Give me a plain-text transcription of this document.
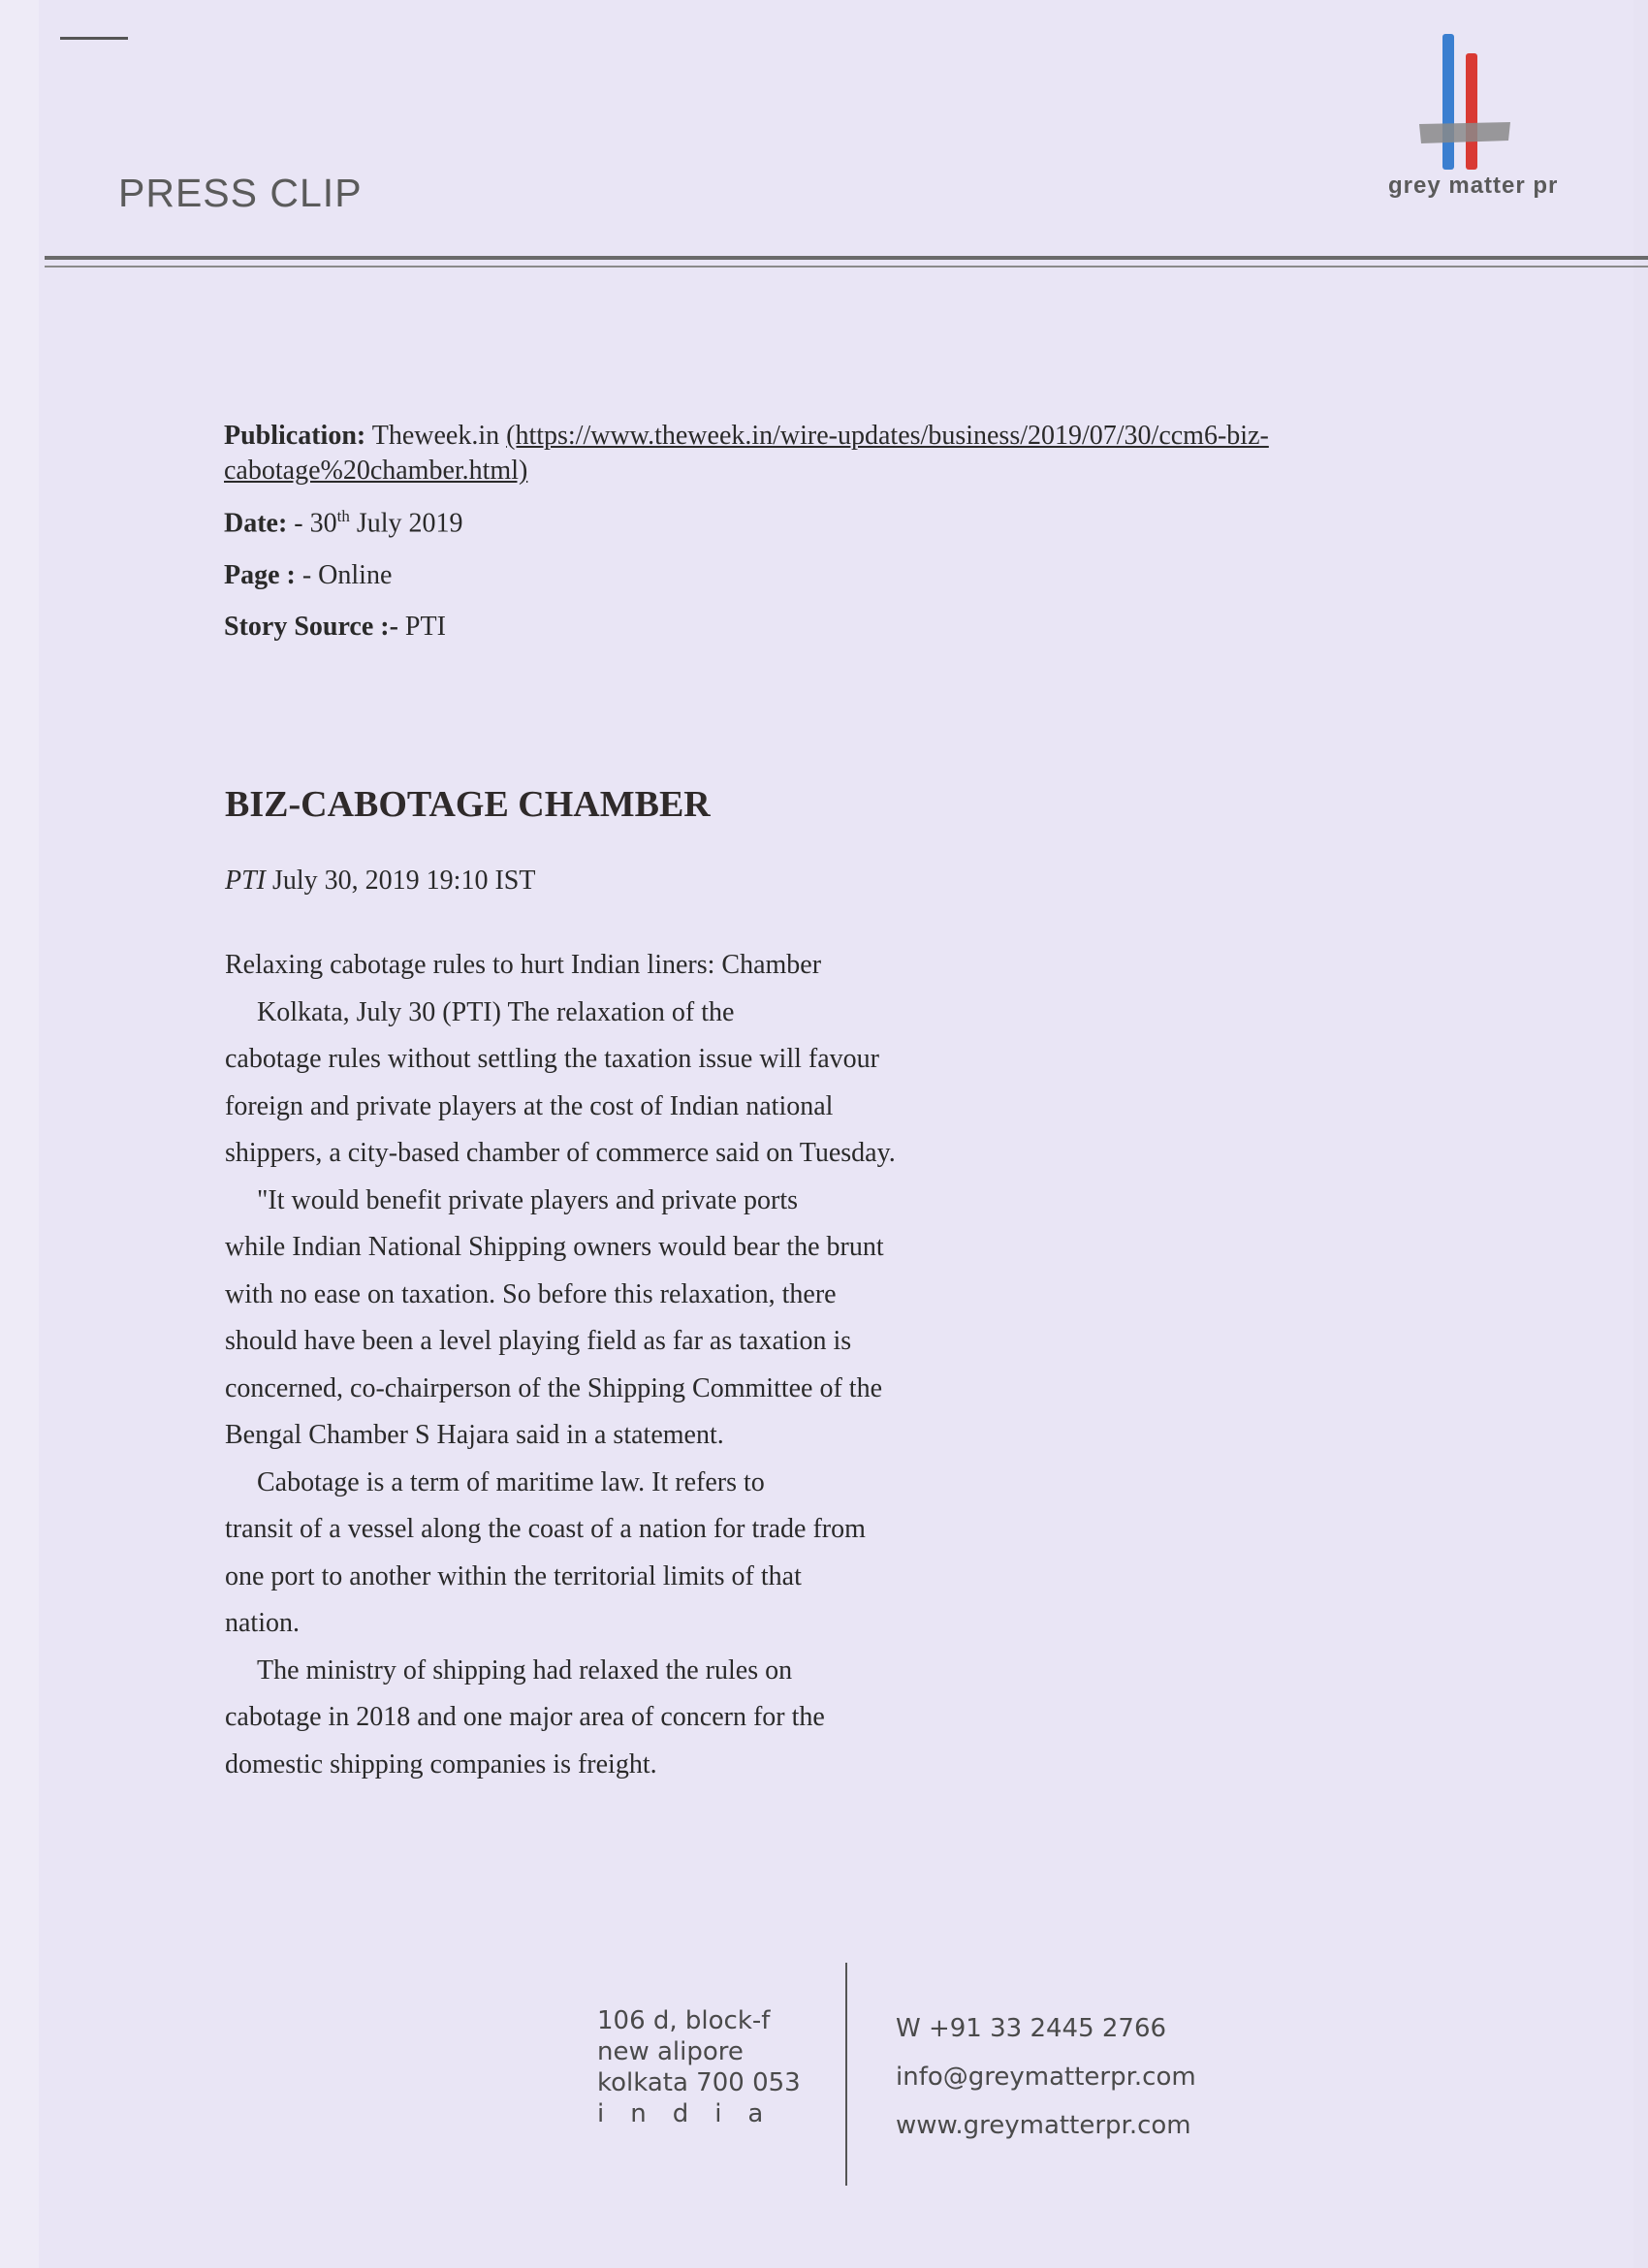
PRESS CLIP	grey matter pr
Publication: Theweek.in (https://www.theweek.in/wire-updates/business/2019/07/30/ccm6-biz-cabotage%20chamber.html)
Date: - 30th July 2019
Page : - Online
Story Source :- PTI
BIZ-CABOTAGE CHAMBER
PTI July 30, 2019 19:10 IST

Relaxing cabotage rules to hurt Indian liners: Chamber

Kolkata, July 30 (PTI) The relaxation of the

cabotage rules without settling the taxation issue will favour

foreign and private players at the cost of Indian national

shippers, a city-based chamber of commerce said on Tuesday.

"It would benefit private players and private ports

while Indian National Shipping owners would bear the brunt

with no ease on taxation. So before this relaxation, there

should have been a level playing field as far as taxation is

concerned, co-chairperson of the Shipping Committee of the

Bengal Chamber S Hajara said in a statement.

Cabotage is a term of maritime law. It refers to

transit of a vessel along the coast of a nation for trade from

one port to another within the territorial limits of that

nation.

The ministry of shipping had relaxed the rules on

cabotage in 2018 and one major area of concern for the

domestic shipping companies is freight.

106 d, block-f
new alipore
kolkata 700 053
india
W +91 33 2445 2766
info@greymatterpr.com
www.greymatterpr.com
